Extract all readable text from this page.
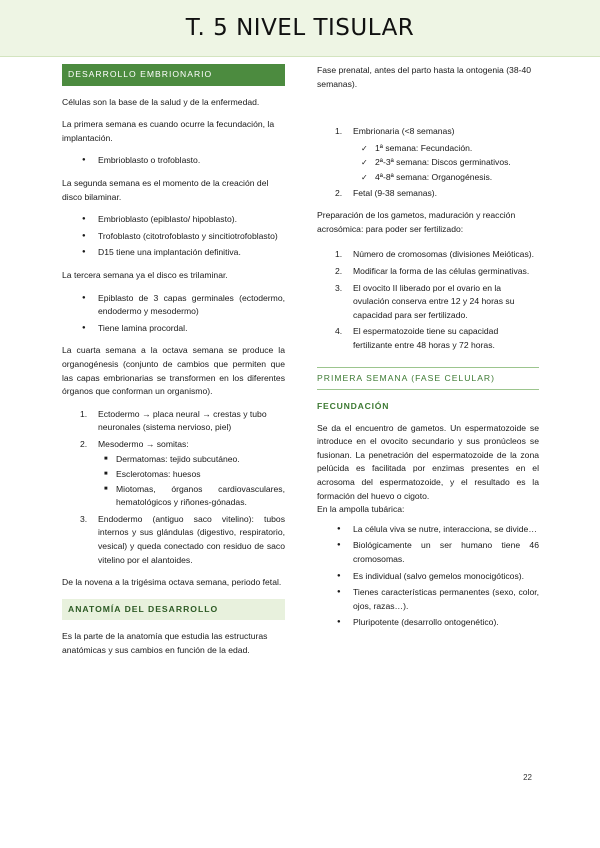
T. 5 NIVEL TISULAR
DESARROLLO EMBRIONARIO

Células son la base de la salud y de la enfermedad.

La primera semana es cuando ocurre la fecundación, la implantación.

● Embrioblasto o trofoblasto.

La segunda semana es el momento de la creación del disco bilaminar.

● Embrioblasto (epiblasto/ hipoblasto).
● Trofoblasto (citotrofoblasto y sincitiotrofoblasto)
● D15 tiene una implantación definitiva.

La tercera semana ya el disco es trilaminar.

● Epiblasto de 3 capas germinales (ectodermo, endodermo y mesodermo)
● Tiene lamina procordal.

La cuarta semana a la octava semana se produce la organogénesis (conjunto de cambios que permiten que las capas embrionarias se transformen en los diferentes órganos que conforman un organismo).

1. Ectodermo → placa neural → crestas y tubo neuronales (sistema nervioso, piel)
2. Mesodermo → somitas:
■ Dermatomas: tejido subcutáneo.
■ Esclerotomas: huesos
■ Miotomas, órganos cardiovasculares, hematológicos y riñones-gónadas.
3. Endodermo (antiguo saco vitelino): tubos internos y sus glándulas (digestivo, respiratorio, vesical) y queda conectado con residuo de saco vitelino por el alantoides.

De la novena a la trigésima octava semana, periodo fetal.

ANATOMÍA DEL DESARROLLO

Es la parte de la anatomía que estudia las estructuras anatómicas y sus cambios en función de la edad.

Fase prenatal, antes del parto hasta la ontogenia (38-40 semanas).

1. Embrionaria (<8 semanas)
✓ 1ª semana: Fecundación.
✓ 2ª-3ª semana: Discos germinativos.
✓ 4ª-8ª semana: Organogénesis.
2. Fetal (9-38 semanas).

Preparación de los gametos, maduración y reacción acrosómica: para poder ser fertilizado:

1. Número de cromosomas (divisiones Meióticas).
2. Modificar la forma de las células germinativas.
3. El ovocito II liberado por el ovario en la ovulación conserva entre 12 y 24 horas su capacidad para ser fertilizado.
4. El espermatozoide tiene su capacidad fertilizante entre 48 horas y 72 horas.
PRIMERA SEMANA (FASE CELULAR)
FECUNDACIÓN

Se da el encuentro de gametos. Un espermatozoide se introduce en el ovocito secundario y sus pronúcleos se fusionan. La penetración del espermatozoide de la zona pelúcida es facilitada por enzimas presentes en el acrosoma del espermatozoide, y el resultado es la formación del huevo o cigoto.

En la ampolla tubárica:

● La célula viva se nutre, interacciona, se divide…
● Biológicamente un ser humano tiene 46 cromosomas.
● Es individual (salvo gemelos monocigóticos).
● Tienes características permanentes (sexo, color, ojos, razas…).
● Pluripotente (desarrollo ontogenético).
22
